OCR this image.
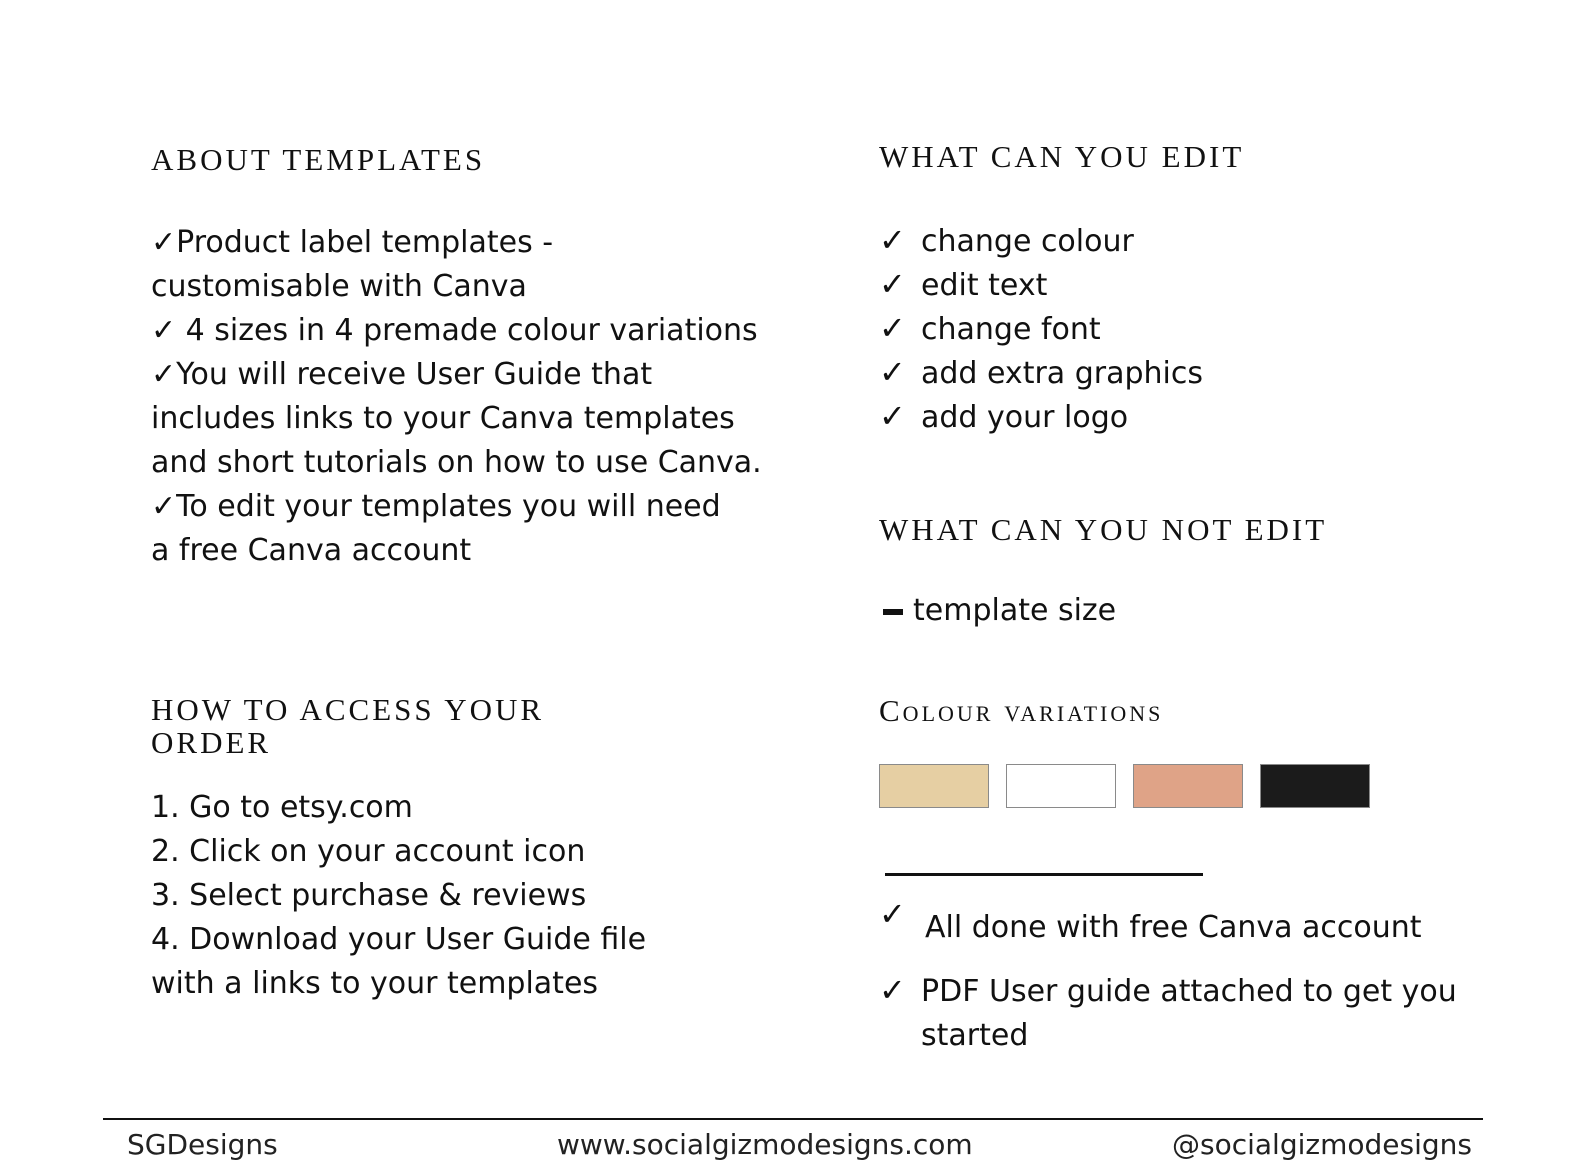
ABOUT TEMPLATES

✓Product label templates -

customisable with Canva

✓ 4 sizes in 4 premade colour variations

✓You will receive User Guide that

includes links to your Canva templates

and short tutorials on how to use Canva.

✓To edit your templates you will need

a free Canva account

HOW TO ACCESS YOUR
ORDER

1. Go to etsy.com

2. Click on your account icon

3. Select purchase & reviews

4. Download your User Guide file

with a links to your templates

WHAT CAN YOU EDIT
✓ change colour
✓ edit text
✓ change font
✓ add extra graphics
✓ add your logo
WHAT CAN YOU NOT EDIT
template size
Colour variations
✓ All done with free Canva account
✓ PDF User guide attached to get you
started
SGDesigns	www.socialgizmodesigns.com	@socialgizmodesigns
